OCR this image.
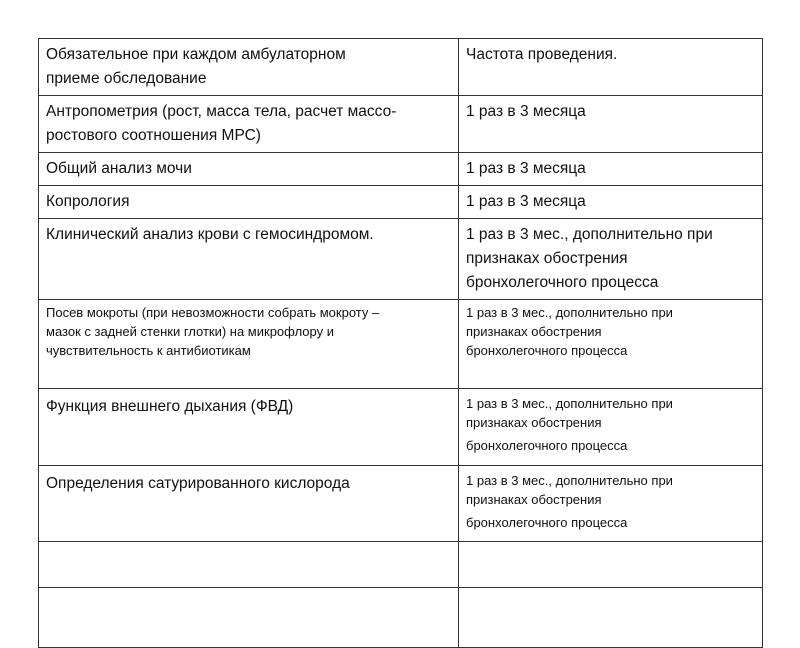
Обязательное при каждом амбулаторном
приеме обследование	Частота проведения.

Антропометрия (рост, масса тела, расчет массо-
ростового соотношения МРС)	1 раз в 3 месяца

Общий анализ мочи	1 раз в 3 месяца

Копрология	1 раз в 3 месяца

Клинический анализ крови с гемосиндромом.	1 раз в 3 мес., дополнительно при
признаках обострения
бронхолегочного процесса

Посев мокроты (при невозможности собрать мокроту –
мазок с задней стенки глотки) на микрофлору и
чувствительность к антибиотикам	1 раз в 3 мес., дополнительно при
признаках обострения
бронхолегочного процесса

Функция внешнего дыхания (ФВД)	1 раз в 3 мес., дополнительно при
признаках обострения
бронхолегочного процесса

Определения сатурированного кислорода	1 раз в 3 мес., дополнительно при
признаках обострения
бронхолегочного процесса
